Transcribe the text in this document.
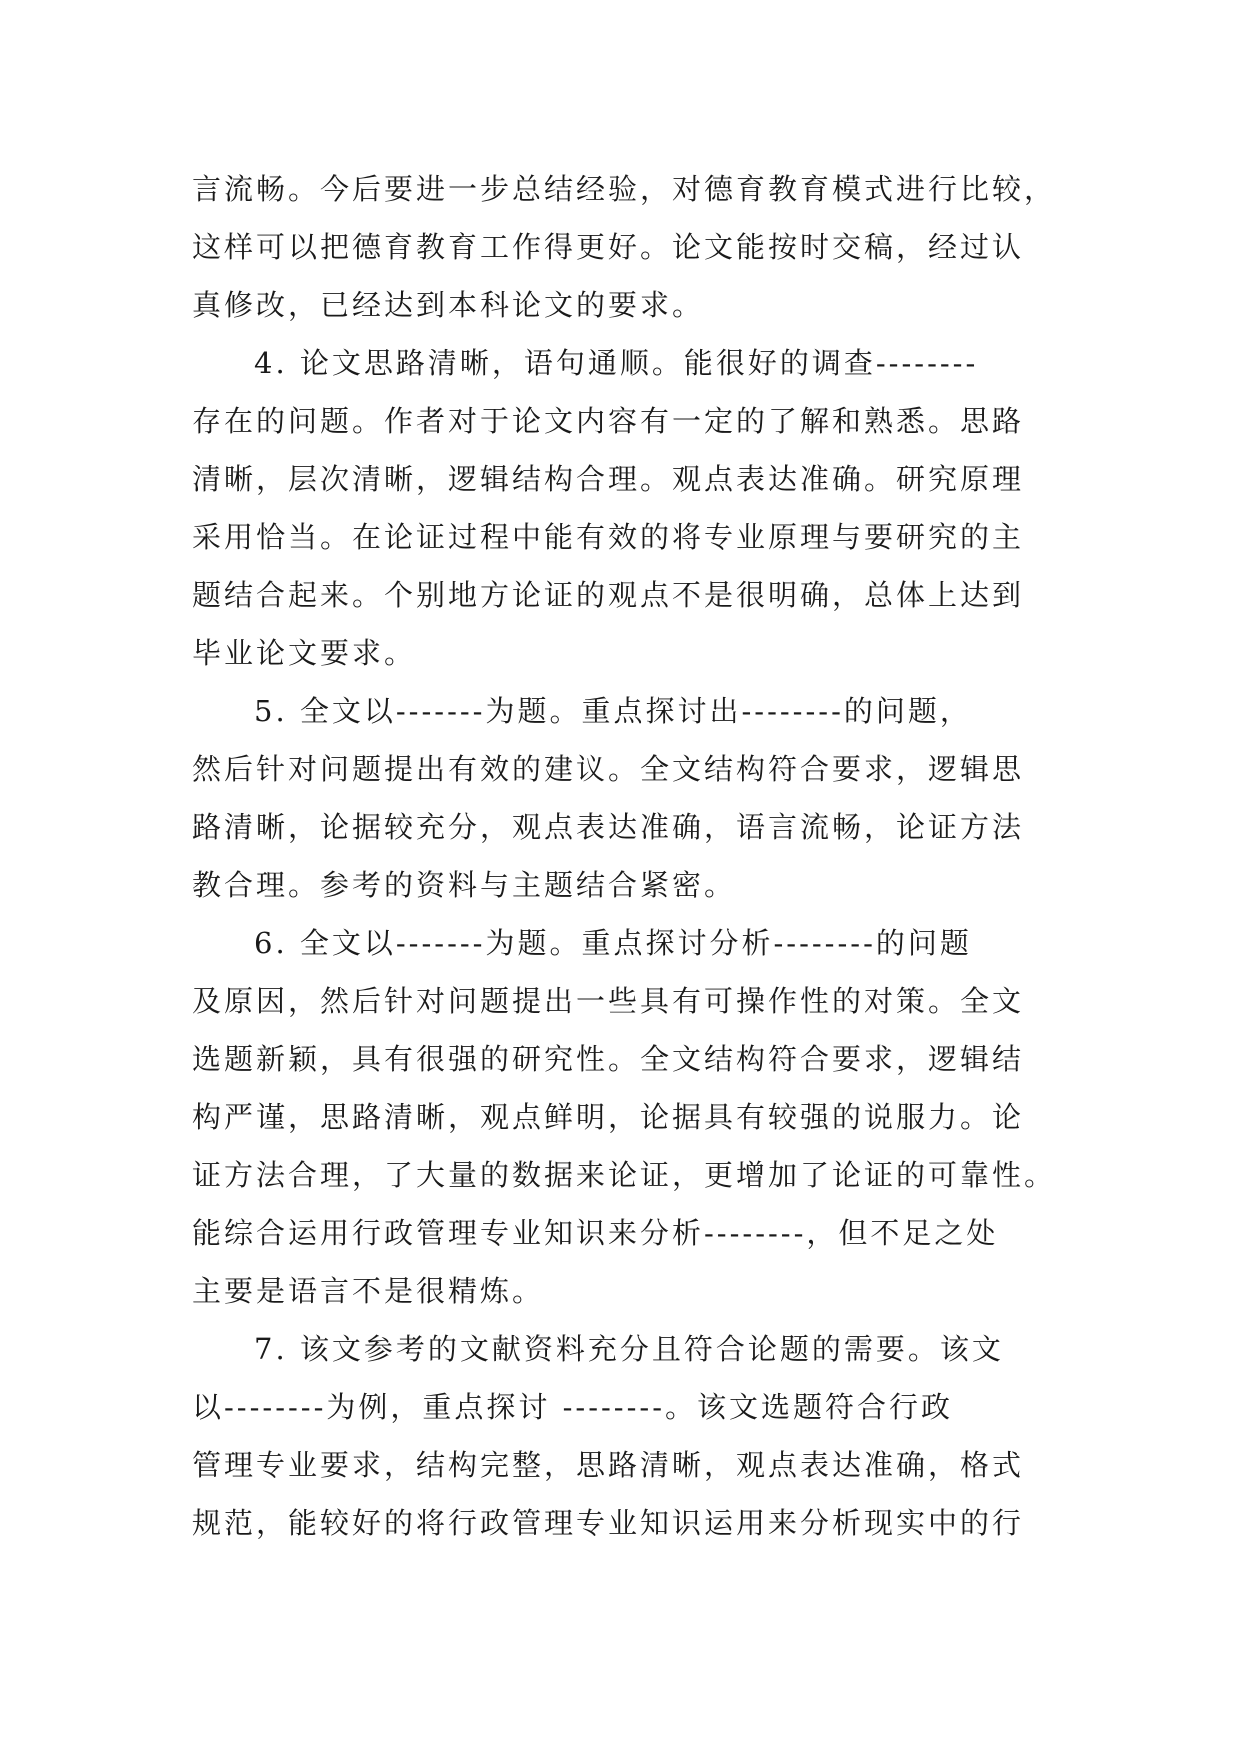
言流畅。今后要进一步总结经验，对德育教育模式进行比较，
这样可以把德育教育工作得更好。论文能按时交稿，经过认
真修改，已经达到本科论文的要求。
4. 论文思路清晰，语句通顺。能很好的调查--------
存在的问题。作者对于论文内容有一定的了解和熟悉。思路
清晰，层次清晰，逻辑结构合理。观点表达准确。研究原理
采用恰当。在论证过程中能有效的将专业原理与要研究的主
题结合起来。个别地方论证的观点不是很明确，总体上达到
毕业论文要求。
5. 全文以-------为题。重点探讨出--------的问题，
然后针对问题提出有效的建议。全文结构符合要求，逻辑思
路清晰，论据较充分，观点表达准确，语言流畅，论证方法
教合理。参考的资料与主题结合紧密。
6. 全文以-------为题。重点探讨分析--------的问题
及原因，然后针对问题提出一些具有可操作性的对策。全文
选题新颖，具有很强的研究性。全文结构符合要求，逻辑结
构严谨，思路清晰，观点鲜明，论据具有较强的说服力。论
证方法合理，了大量的数据来论证，更增加了论证的可靠性。
能综合运用行政管理专业知识来分析--------，但不足之处
主要是语言不是很精炼。
7. 该文参考的文献资料充分且符合论题的需要。该文
以--------为例，重点探讨 --------。该文选题符合行政
管理专业要求，结构完整，思路清晰，观点表达准确，格式
规范，能较好的将行政管理专业知识运用来分析现实中的行
